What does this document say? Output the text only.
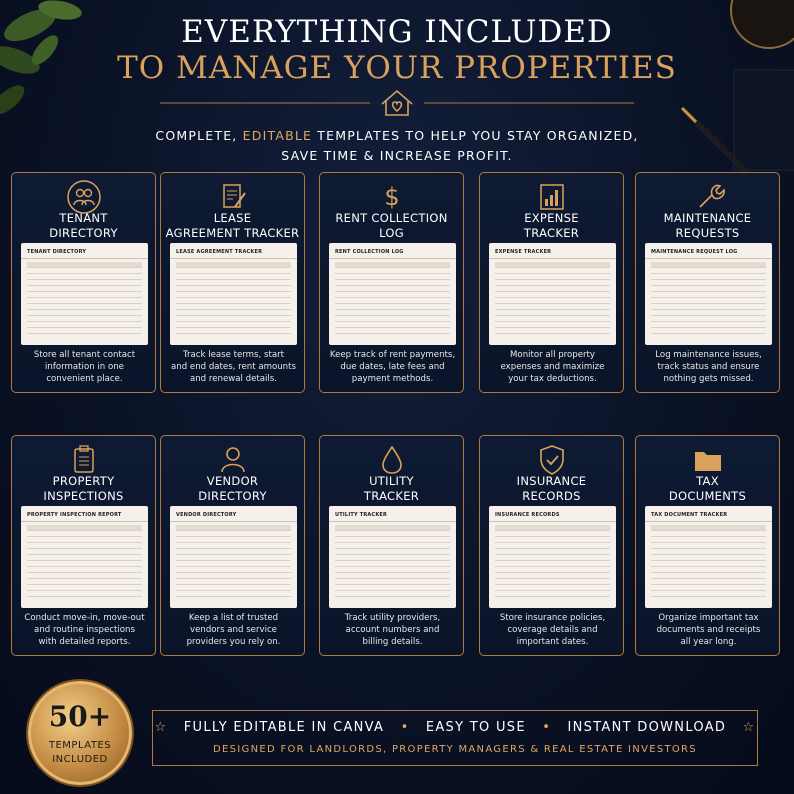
EVERYTHING INCLUDED
TO MANAGE YOUR PROPERTIES
COMPLETE, EDITABLE TEMPLATES TO HELP YOU STAY ORGANIZED,
SAVE TIME & INCREASE PROFIT.
TENANT
DIRECTORY
TENANT DIRECTORY
Store all tenant contact
information in one
convenient place.
LEASE
AGREEMENT TRACKER
LEASE AGREEMENT TRACKER
Track lease terms, start
and end dates, rent amounts
and renewal details.
$
RENT COLLECTION
LOG
RENT COLLECTION LOG
Keep track of rent payments,
due dates, late fees and
payment methods.
EXPENSE
TRACKER
EXPENSE TRACKER
Monitor all property
expenses and maximize
your tax deductions.
MAINTENANCE
REQUESTS
MAINTENANCE REQUEST LOG
Log maintenance issues,
track status and ensure
nothing gets missed.
PROPERTY
INSPECTIONS
PROPERTY INSPECTION REPORT
Conduct move-in, move-out
and routine inspections
with detailed reports.
VENDOR
DIRECTORY
VENDOR DIRECTORY
Keep a list of trusted
vendors and service
providers you rely on.
UTILITY
TRACKER
UTILITY TRACKER
Track utility providers,
account numbers and
billing details.
INSURANCE
RECORDS
INSURANCE RECORDS
Store insurance policies,
coverage details and
important dates.
TAX
DOCUMENTS
TAX DOCUMENT TRACKER
Organize important tax
documents and receipts
all year long.
50+
TEMPLATES
INCLUDED
☆ FULLY EDITABLE IN CANVA • EASY TO USE • INSTANT DOWNLOAD ☆
DESIGNED FOR LANDLORDS, PROPERTY MANAGERS & REAL ESTATE INVESTORS
